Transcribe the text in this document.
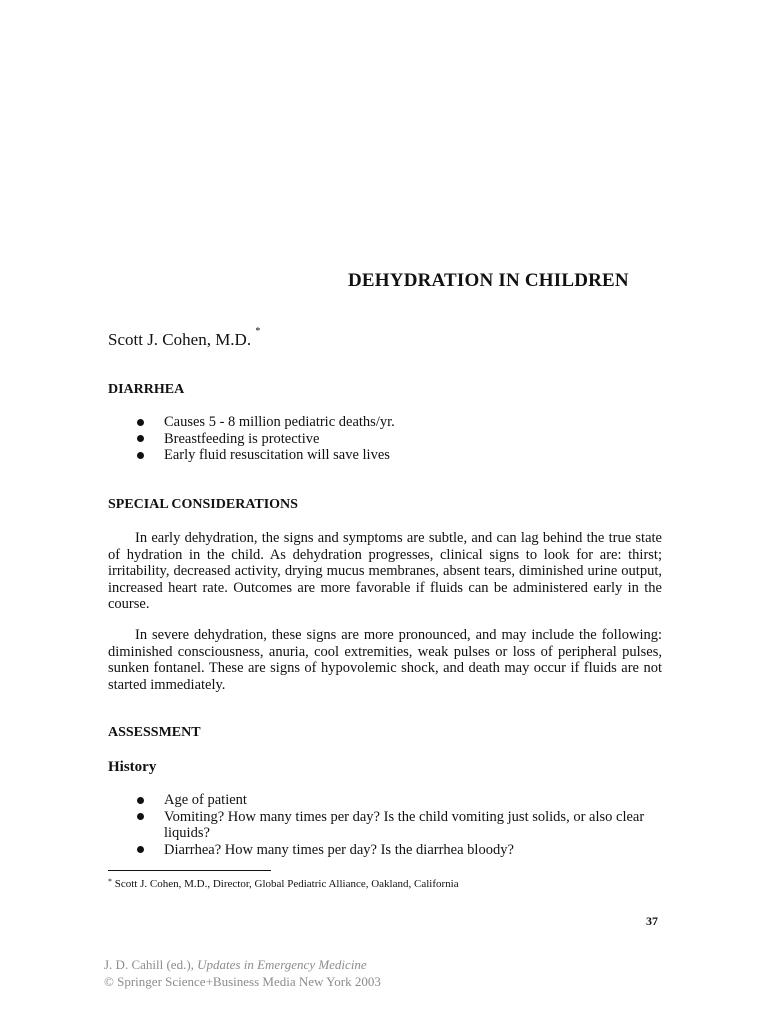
DEHYDRATION IN CHILDREN
Scott J. Cohen, M.D. *
DIARRHEA
Causes 5 - 8 million pediatric deaths/yr.
Breastfeeding is protective
Early fluid resuscitation will save lives
SPECIAL CONSIDERATIONS

In early dehydration, the signs and symptoms are subtle, and can lag behind the true state of hydration in the child. As dehydration progresses, clinical signs to look for are: thirst; irritability, decreased activity, drying mucus membranes, absent tears, diminished urine output, increased heart rate. Outcomes are more favorable if fluids can be administered early in the course.

In severe dehydration, these signs are more pronounced, and may include the following: diminished consciousness, anuria, cool extremities, weak pulses or loss of peripheral pulses, sunken fontanel. These are signs of hypovolemic shock, and death may occur if fluids are not started immediately.

ASSESSMENT
History
Age of patient
Vomiting? How many times per day? Is the child vomiting just solids, or also clear liquids?
Diarrhea? How many times per day? Is the diarrhea bloody?
* Scott J. Cohen, M.D., Director, Global Pediatric Alliance, Oakland, California
37
J. D. Cahill (ed.), Updates in Emergency Medicine
© Springer Science+Business Media New York 2003
